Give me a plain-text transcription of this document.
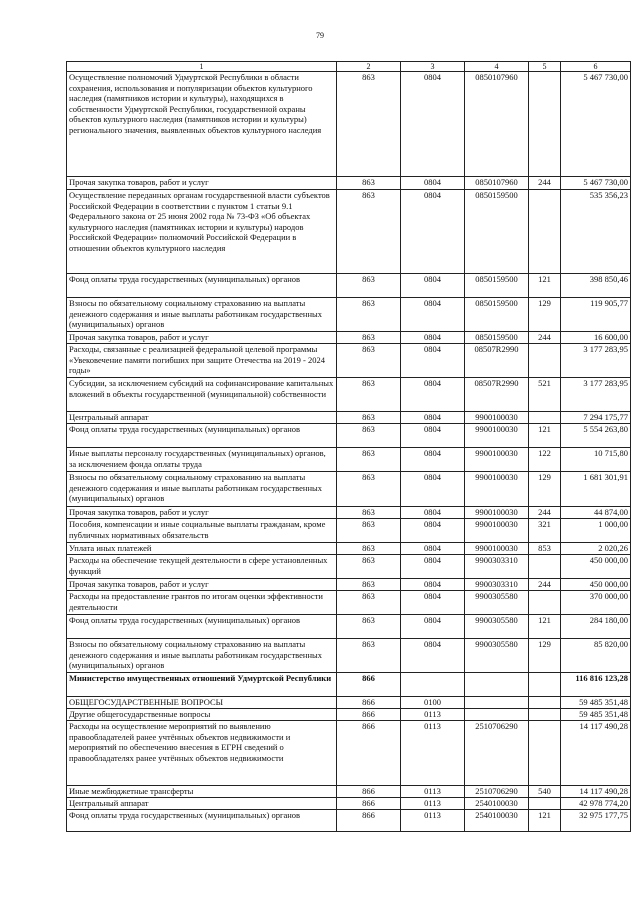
79
1	2	3	4	5	6
Осуществление полномочий Удмуртской Республики в области сохранения, использования и популяризации объектов культурного наследия (памятников истории и культуры), находящихся в собственности Удмуртской Республики, государственной охраны объектов культурного наследия (памятников истории и культуры) регионального значения, выявленных объектов культурного наследия	863	0804	0850107960		5 467 730,00
Прочая закупка товаров, работ и услуг	863	0804	0850107960	244	5 467 730,00
Осуществление переданных органам государственной власти субъектов Российской Федерации в соответствии с пунктом 1 статьи 9.1 Федерального закона от 25 июня 2002 года № 73-ФЗ «Об объектах культурного наследия (памятниках истории и культуры) народов Российской Федерации» полномочий Российской Федерации в отношении объектов культурного наследия	863	0804	0850159500		535 356,23
Фонд оплаты труда государственных (муниципальных) органов	863	0804	0850159500	121	398 850,46
Взносы по обязательному социальному страхованию на выплаты денежного содержания и иные выплаты работникам государственных (муниципальных) органов	863	0804	0850159500	129	119 905,77
Прочая закупка товаров, работ и услуг	863	0804	0850159500	244	16 600,00
Расходы, связанные с реализацией федеральной целевой программы «Увековечение памяти погибших при защите Отечества на 2019 - 2024 годы»	863	0804	08507R2990		3 177 283,95
Субсидии, за исключением субсидий на софинансирование капитальных вложений в объекты государственной (муниципальной) собственности	863	0804	08507R2990	521	3 177 283,95
Центральный аппарат	863	0804	9900100030		7 294 175,77
Фонд оплаты труда государственных (муниципальных) органов	863	0804	9900100030	121	5 554 263,80
Иные выплаты персоналу государственных (муниципальных) органов, за исключением фонда оплаты труда	863	0804	9900100030	122	10 715,80
Взносы по обязательному социальному страхованию на выплаты денежного содержания и иные выплаты работникам государственных (муниципальных) органов	863	0804	9900100030	129	1 681 301,91
Прочая закупка товаров, работ и услуг	863	0804	9900100030	244	44 874,00
Пособия, компенсации и иные социальные выплаты гражданам, кроме публичных нормативных обязательств	863	0804	9900100030	321	1 000,00
Уплата иных платежей	863	0804	9900100030	853	2 020,26
Расходы на обеспечение текущей деятельности в сфере установленных функций	863	0804	9900303310		450 000,00
Прочая закупка товаров, работ и услуг	863	0804	9900303310	244	450 000,00
Расходы на предоставление грантов по итогам оценки эффективности деятельности	863	0804	9900305580		370 000,00
Фонд оплаты труда государственных (муниципальных) органов	863	0804	9900305580	121	284 180,00
Взносы по обязательному социальному страхованию на выплаты денежного содержания и иные выплаты работникам государственных (муниципальных) органов	863	0804	9900305580	129	85 820,00
Министерство имущественных отношений Удмуртской Республики	866				116 816 123,28
ОБЩЕГОСУДАРСТВЕННЫЕ ВОПРОСЫ	866	0100			59 485 351,48
Другие общегосударственные вопросы	866	0113			59 485 351,48
Расходы на осуществление мероприятий по выявлению правообладателей ранее учтённых объектов недвижимости и мероприятий по обеспечению внесения в ЕГРН сведений о правообладателях ранее учтённых объектов недвижимости	866	0113	2510706290		14 117 490,28
Иные межбюджетные трансферты	866	0113	2510706290	540	14 117 490,28
Центральный аппарат	866	0113	2540100030		42 978 774,20
Фонд оплаты труда государственных (муниципальных) органов	866	0113	2540100030	121	32 975 177,75
